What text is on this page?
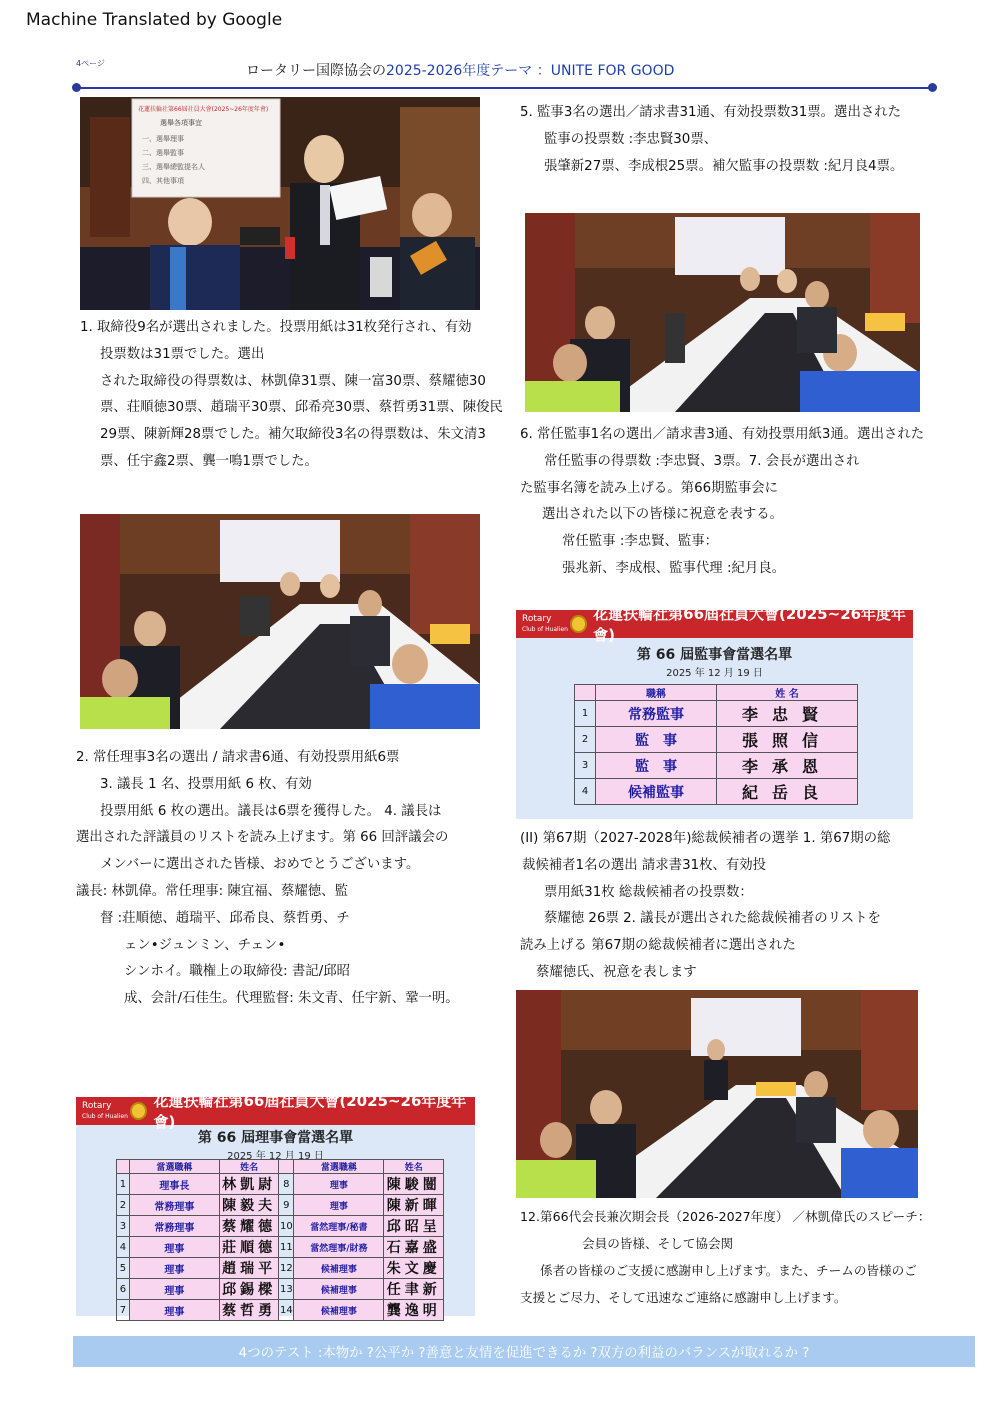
Machine Translated by Google
4ページ	ロータリー国際協会の2025-2026年度テーマ ：UNITE FOR GOOD
花蓮扶輪社第66屆社員大會(2025~26年度年會)
選舉各項事宜
一、選舉理事
二、選舉監事
三、選舉總監提名人
四、其他事項
1. 取締役9名が選出されました。投票用紙は31枚発行され、有効
投票数は31票でした。選出
された取締役の得票数は、林凱偉31票、陳一富30票、蔡耀徳30
票、荘順徳30票、趙瑞平30票、邱希亮30票、蔡哲勇31票、陳俊民
29票、陳新輝28票でした。補欠取締役3名の得票数は、朱文清3
票、任宇鑫2票、龔一鳴1票でした。
2. 常任理事3名の選出 / 請求書6通、有効投票用紙6票
3. 議長 1 名、投票用紙 6 枚、有効
投票用紙 6 枚の選出。議長は6票を獲得した。 4. 議長は
選出された評議員のリストを読み上げます。第 66 回評議会の
メンバーに選出された皆様、おめでとうございます。
議長: 林凱偉。常任理事: 陳宜福、蔡耀徳、監
督 :荘順徳、趙瑞平、邱希良、蔡哲勇、チ
ェン•ジュンミン、チェン•
シンホイ。職権上の取締役: 書記/邱昭
成、会計/石佳生。代理監督: 朱文青、任宇新、鞏一明。
Rotary
Club of Hualien
花蓮扶輪社第66屆社員大會(2025~26年度年會)
第 66 屆理事會當選名單
2025 年 12 月 19 日
	當選職稱	姓名		當選職稱	姓名
1	理事長	林凱尉	8	理事	陳駿闓
2	常務理事	陳毅夫	9	理事	陳新暉
3	常務理事	蔡耀德	10	當然理事/秘書	邱昭呈
4	理事	莊順德	11	當然理事/財務	石嘉盛
5	理事	趙瑞平	12	候補理事	朱文慶
6	理事	邱錫樑	13	候補理事	任聿新
7	理事	蔡哲勇	14	候補理事	龔逸明
5. 監事3名の選出／請求書31通、有効投票数31票。選出された
監事の投票数 :李忠賢30票、
張肇新27票、李成根25票。補欠監事の投票数 :紀月良4票。
6. 常任監事1名の選出／請求書3通、有効投票用紙3通。選出された
常任監事の得票数 :李忠賢、3票。7. 会長が選出され
た監事名簿を読み上げる。第66期監事会に
選出された以下の皆様に祝意を表する。
常任監事 :李忠賢、監事：
張兆新、李成根、監事代理 :紀月良。
Rotary
Club of Hualien
花蓮扶輪社第66屆社員大會(2025~26年度年會)
第 66 屆監事會當選名單
2025 年 12 月 19 日
	職稱	姓 名
1	常務監事	李忠賢
2	監　事	張照信
3	監　事	李承恩
4	候補監事	紀岳良
(II) 第67期（2027-2028年)総裁候補者の選挙 1. 第67期の総
裁候補者1名の選出 請求書31枚、有効投
票用紙31枚 総裁候補者の投票数：
蔡耀徳 26票 2. 議長が選出された総裁候補者のリストを
読み上げる 第67期の総裁候補者に選出された
蔡耀徳氏、祝意を表します
12.第66代会長兼次期会長（2026-2027年度） ／林凱偉氏のスピーチ：
会員の皆様、そして協会関
係者の皆様のご支援に感謝申し上げます。また、チームの皆様のご
支援とご尽力、そして迅速なご連絡に感謝申し上げます。
4つのテスト :本物か ?公平か ?善意と友情を促進できるか ?双方の利益のバランスが取れるか ?
